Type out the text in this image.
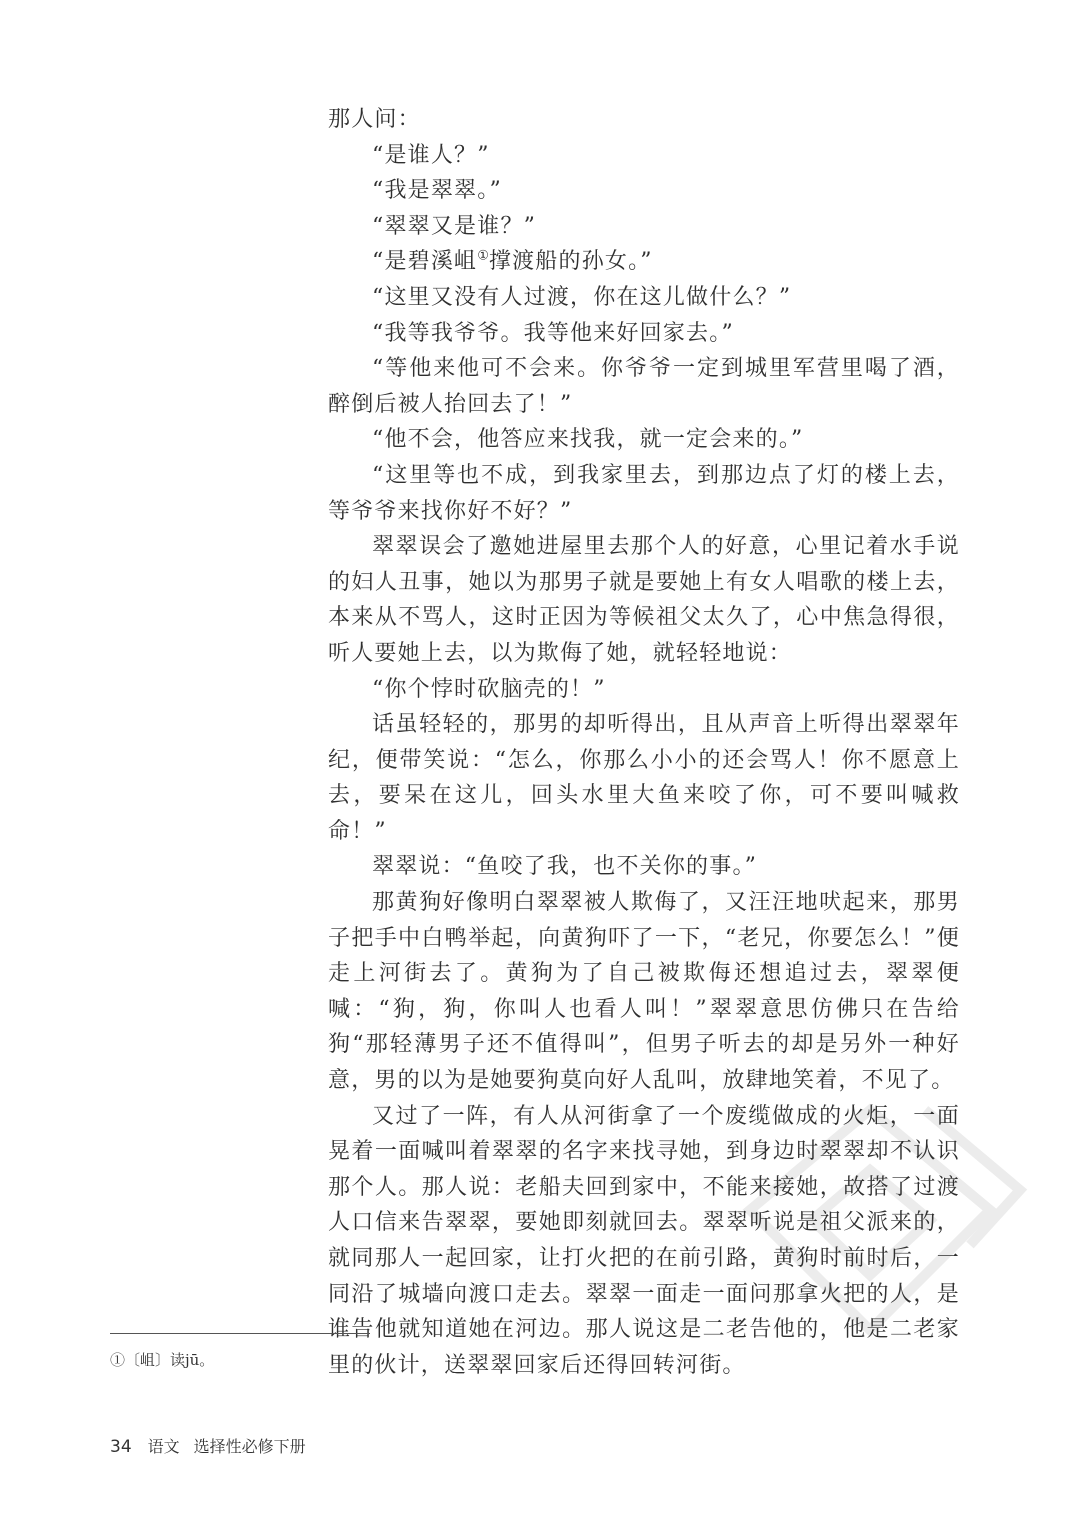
那人问：

“是谁人？”

“我是翠翠。”

“翠翠又是谁？”

“是碧溪岨①撑渡船的孙女。”

“这里又没有人过渡，你在这儿做什么？”

“我等我爷爷。我等他来好回家去。”

“等他来他可不会来。你爷爷一定到城里军营里喝了酒，醉倒后被人抬回去了！”

“他不会，他答应来找我，就一定会来的。”

“这里等也不成，到我家里去，到那边点了灯的楼上去，等爷爷来找你好不好？”

翠翠误会了邀她进屋里去那个人的好意，心里记着水手说的妇人丑事，她以为那男子就是要她上有女人唱歌的楼上去，本来从不骂人，这时正因为等候祖父太久了，心中焦急得很，听人要她上去，以为欺侮了她，就轻轻地说：

“你个悖时砍脑壳的！”

话虽轻轻的，那男的却听得出，且从声音上听得出翠翠年纪，便带笑说：“怎么，你那么小小的还会骂人！你不愿意上去，要呆在这儿，回头水里大鱼来咬了你，可不要叫喊救命！”

翠翠说：“鱼咬了我，也不关你的事。”

那黄狗好像明白翠翠被人欺侮了，又汪汪地吠起来，那男子把手中白鸭举起，向黄狗吓了一下，“老兄，你要怎么！”便走上河街去了。黄狗为了自己被欺侮还想追过去，翠翠便喊：“狗，狗，你叫人也看人叫！”翠翠意思仿佛只在告给狗“那轻薄男子还不值得叫”，但男子听去的却是另外一种好意，男的以为是她要狗莫向好人乱叫，放肆地笑着，不见了。

又过了一阵，有人从河街拿了一个废缆做成的火炬，一面晃着一面喊叫着翠翠的名字来找寻她，到身边时翠翠却不认识那个人。那人说：老船夫回到家中，不能来接她，故搭了过渡人口信来告翠翠，要她即刻就回去。翠翠听说是祖父派来的，就同那人一起回家，让打火把的在前引路，黄狗时前时后，一同沿了城墙向渡口走去。翠翠一面走一面问那拿火把的人，是谁告他就知道她在河边。那人说这是二老告他的，他是二老家里的伙计，送翠翠回家后还得回转河街。

①〔岨〕读jū。
34 语文 选择性必修下册
